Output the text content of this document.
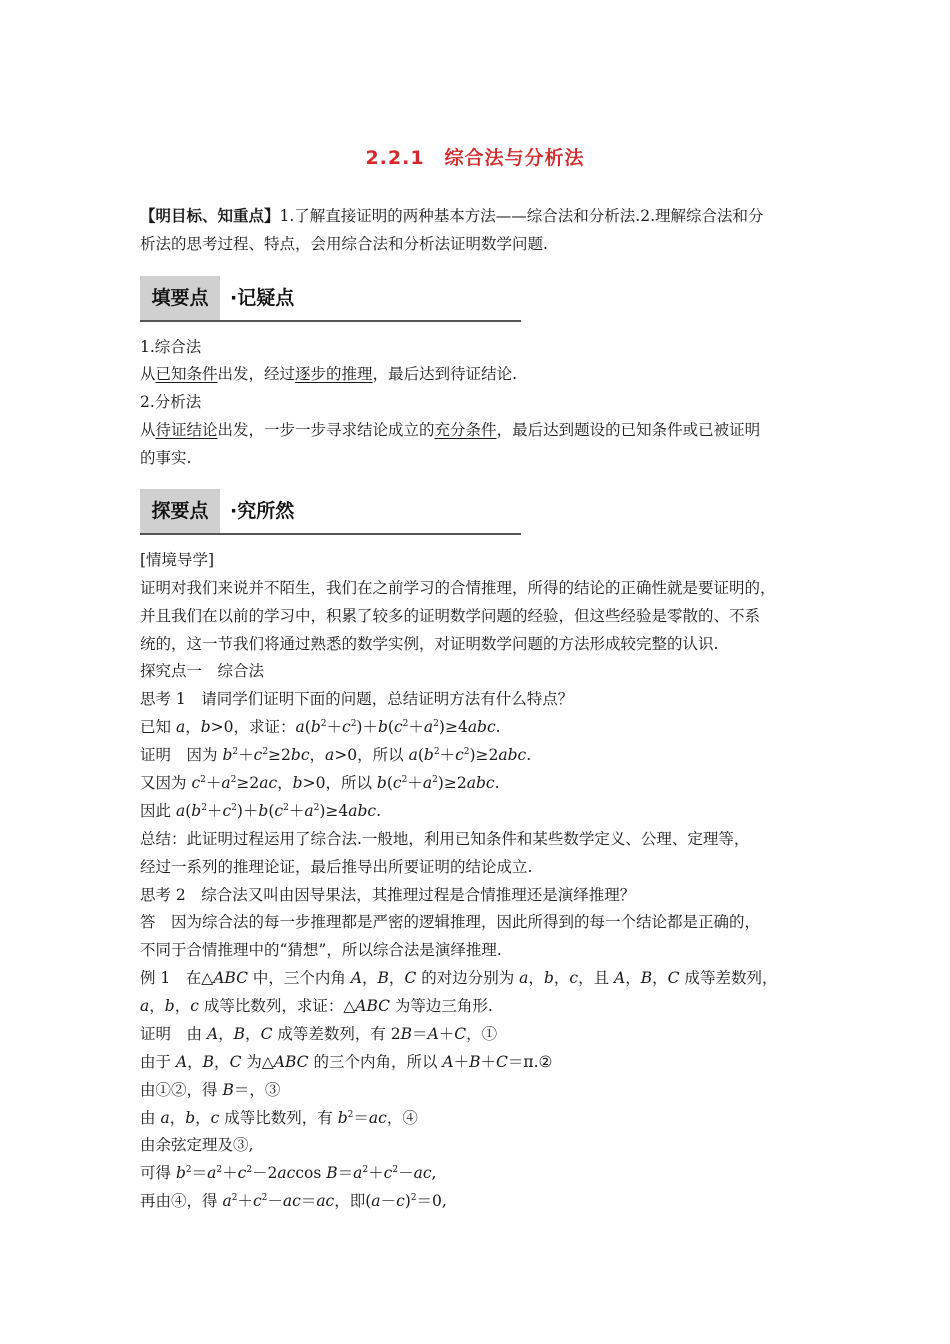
2.2.1　综合法与分析法
【明目标、知重点】1.了解直接证明的两种基本方法——综合法和分析法.2.理解综合法和分
析法的思考过程、特点，会用综合法和分析法证明数学问题.
填要点	·记疑点
1.综合法
从已知条件出发，经过逐步的推理，最后达到待证结论.
2.分析法
从待证结论出发，一步一步寻求结论成立的充分条件，最后达到题设的已知条件或已被证明
的事实.
探要点	·究所然
[情境导学]
证明对我们来说并不陌生，我们在之前学习的合情推理，所得的结论的正确性就是要证明的，
并且我们在以前的学习中，积累了较多的证明数学问题的经验，但这些经验是零散的、不系
统的，这一节我们将通过熟悉的数学实例，对证明数学问题的方法形成较完整的认识.
探究点一　综合法
思考 1　请同学们证明下面的问题，总结证明方法有什么特点？
已知 a，b>0，求证：$a(b^2+c^2)+b(c^2+a^2)\ge 4abc$.
证明　因为 $b^2+c^2\ge 2bc$，a>0，所以 $a(b^2+c^2)\ge 2abc$.
又因为 $c^2+a^2\ge 2ac$，b>0，所以 $b(c^2+a^2)\ge 2abc$.
因此 $a(b^2+c^2)+b(c^2+a^2)\ge 4abc$.
总结：此证明过程运用了综合法.一般地，利用已知条件和某些数学定义、公理、定理等，
经过一系列的推理论证，最后推导出所要证明的结论成立.
思考 2　综合法又叫由因导果法，其推理过程是合情推理还是演绎推理？
答　因为综合法的每一步推理都是严密的逻辑推理，因此所得到的每一个结论都是正确的，
不同于合情推理中的“猜想”，所以综合法是演绎推理.
例 1　在△ABC 中，三个内角 A，B，C 的对边分别为 a，b，c，且 A，B，C 成等差数列，
a，b，c 成等比数列，求证：△ABC 为等边三角形.
证明　由 A，B，C 成等差数列，有 2B＝A＋C，①
由于 A，B，C 为△ABC 的三个内角，所以 A＋B＋C＝π.②
由①②，得 B＝，③
由 a，b，c 成等比数列，有 $b^2=ac$，④
由余弦定理及③,
可得 $b^2=a^2+c^2-2accos$ $B=a^2+c^2-ac$,
再由④，得 $a^2+c^2-ac=ac$，即$(a-c)^2=0$,
